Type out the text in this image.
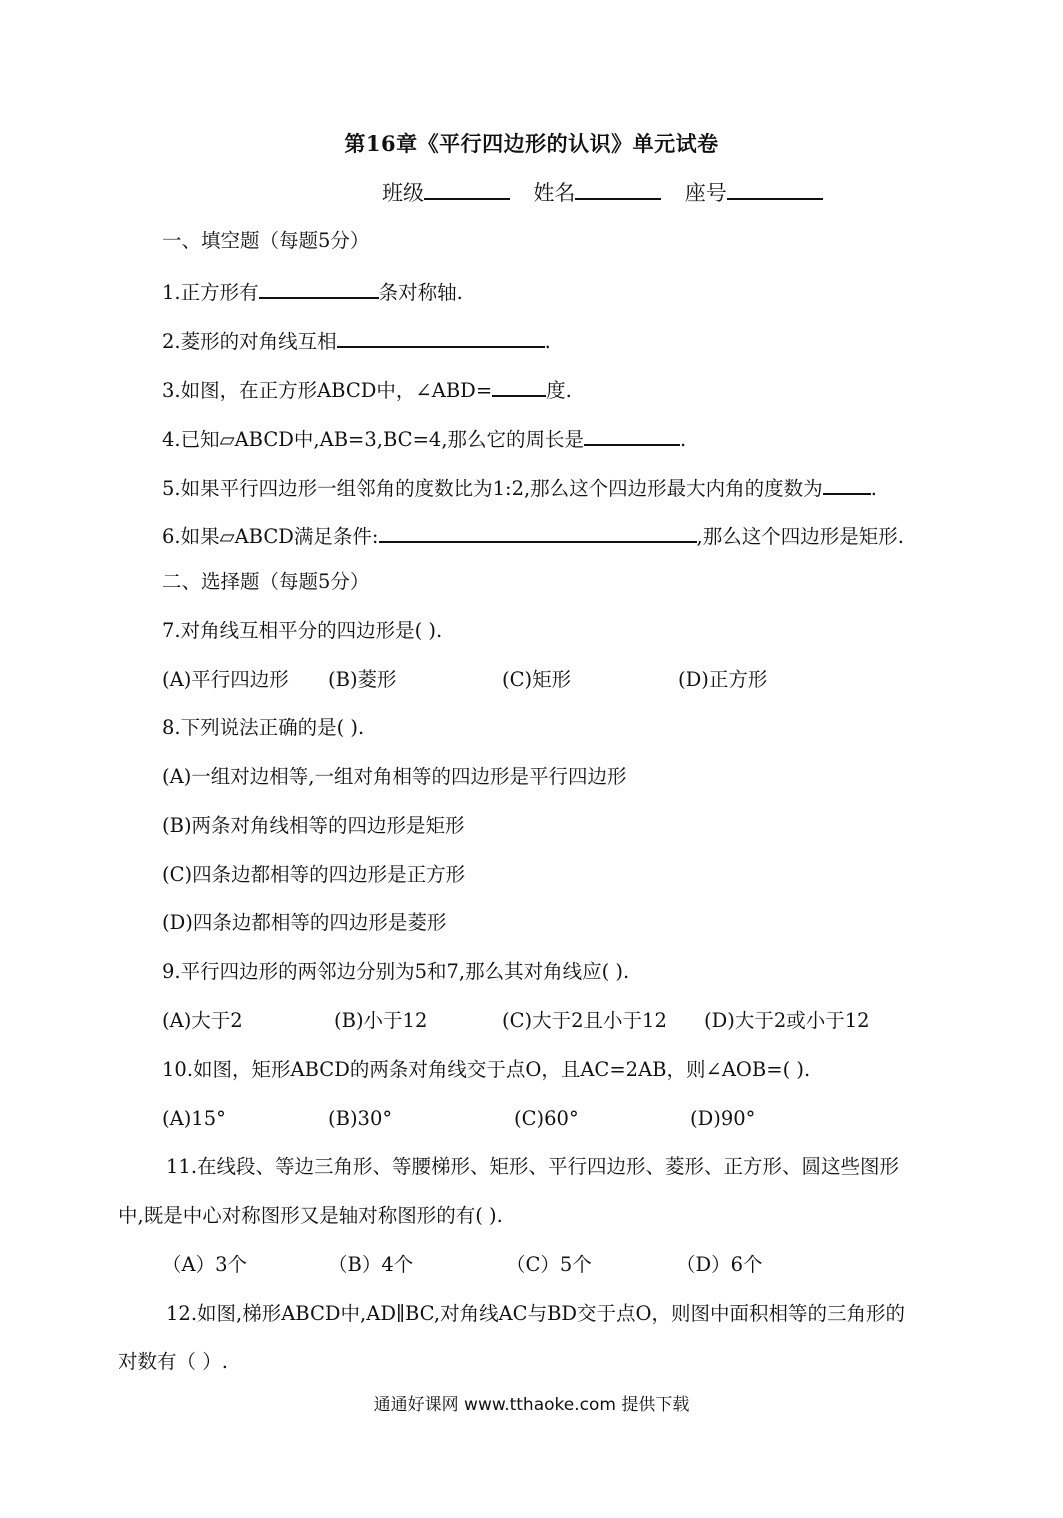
第16章《平行四边形的认识》单元试卷
班级	姓名	座号
一、填空题（每题5分）
1.正方形有	条对称轴.
2.菱形的对角线互相	.
3.如图，在正方形ABCD中，∠ABD=	度.
4.已知▱ABCD中,AB=3,BC=4,那么它的周长是	.
5.如果平行四边形一组邻角的度数比为1:2,那么这个四边形最大内角的度数为 .
6.如果▱ABCD满足条件:	,那么这个四边形是矩形.
二、选择题（每题5分）
7.对角线互相平分的四边形是( ).
(A)平行四边形 (B)菱形	(C)矩形	(D)正方形
8.下列说法正确的是( ).
(A)一组对边相等,一组对角相等的四边形是平行四边形
(B)两条对角线相等的四边形是矩形
(C)四条边都相等的四边形是正方形
(D)四条边都相等的四边形是菱形
9.平行四边形的两邻边分别为5和7,那么其对角线应( ).
(A)大于2	(B)小于12	(C)大于2且小于12 (D)大于2或小于12
10.如图，矩形ABCD的两条对角线交于点O，且AC=2AB，则∠AOB=( ).
(A)15°	(B)30°	(C)60°	(D)90°
11.在线段、等边三角形、等腰梯形、矩形、平行四边形、菱形、正方形、圆这些图形
中,既是中心对称图形又是轴对称图形的有( ).
（A）3个	（B）4个	（C）5个	（D）6个
12.如图,梯形ABCD中,AD∥BC,对角线AC与BD交于点O，则图中面积相等的三角形的
对数有（ ）.
通通好课网 www.tthaoke.com 提供下载
